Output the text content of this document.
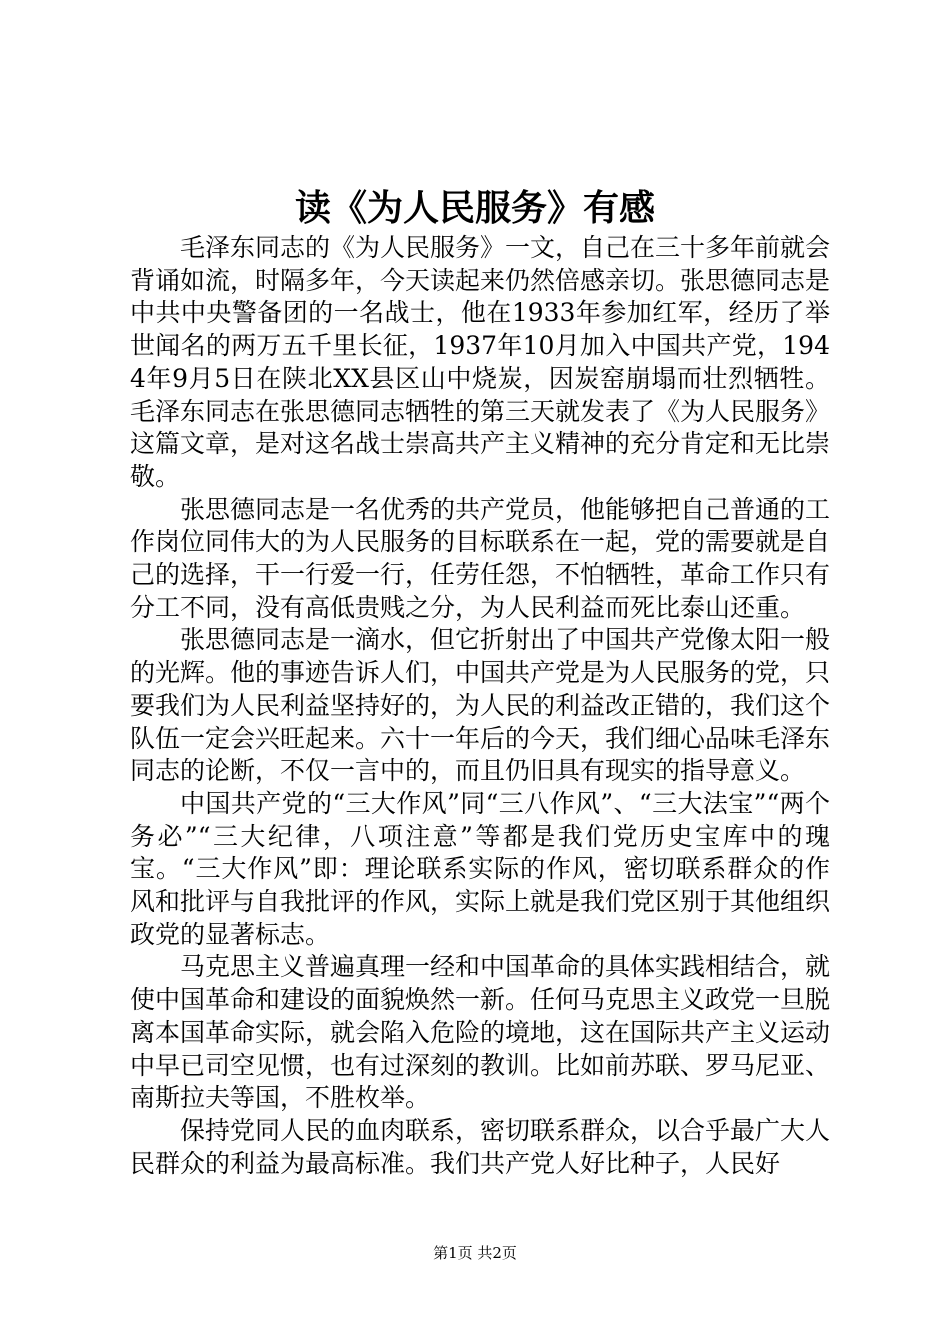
读《为人民服务》有感

毛泽东同志的《为人民服务》一文，自己在三十多年前就会背诵如流，时隔多年，今天读起来仍然倍感亲切。张思德同志是中共中央警备团的一名战士，他在1933年参加红军，经历了举世闻名的两万五千里长征，1937年10月加入中国共产党，1944年9月5日在陕北XX县区山中烧炭，因炭窑崩塌而壮烈牺牲。毛泽东同志在张思德同志牺牲的第三天就发表了《为人民服务》这篇文章，是对这名战士崇高共产主义精神的充分肯定和无比崇敬。

张思德同志是一名优秀的共产党员，他能够把自己普通的工作岗位同伟大的为人民服务的目标联系在一起，党的需要就是自己的选择，干一行爱一行，任劳任怨，不怕牺牲，革命工作只有分工不同，没有高低贵贱之分，为人民利益而死比泰山还重。

张思德同志是一滴水，但它折射出了中国共产党像太阳一般的光辉。他的事迹告诉人们，中国共产党是为人民服务的党，只要我们为人民利益坚持好的，为人民的利益改正错的，我们这个队伍一定会兴旺起来。六十一年后的今天，我们细心品味毛泽东同志的论断，不仅一言中的，而且仍旧具有现实的指导意义。

中国共产党的“三大作风”同“三八作风”、“三大法宝”“两个务必”“三大纪律，八项注意”等都是我们党历史宝库中的瑰宝。“三大作风”即：理论联系实际的作风，密切联系群众的作风和批评与自我批评的作风，实际上就是我们党区别于其他组织政党的显著标志。

马克思主义普遍真理一经和中国革命的具体实践相结合，就使中国革命和建设的面貌焕然一新。任何马克思主义政党一旦脱离本国革命实际，就会陷入危险的境地，这在国际共产主义运动中早已司空见惯，也有过深刻的教训。比如前苏联、罗马尼亚、南斯拉夫等国，不胜枚举。

保持党同人民的血肉联系，密切联系群众，以合乎最广大人民群众的利益为最高标准。我们共产党人好比种子，人民好

第1页 共2页
